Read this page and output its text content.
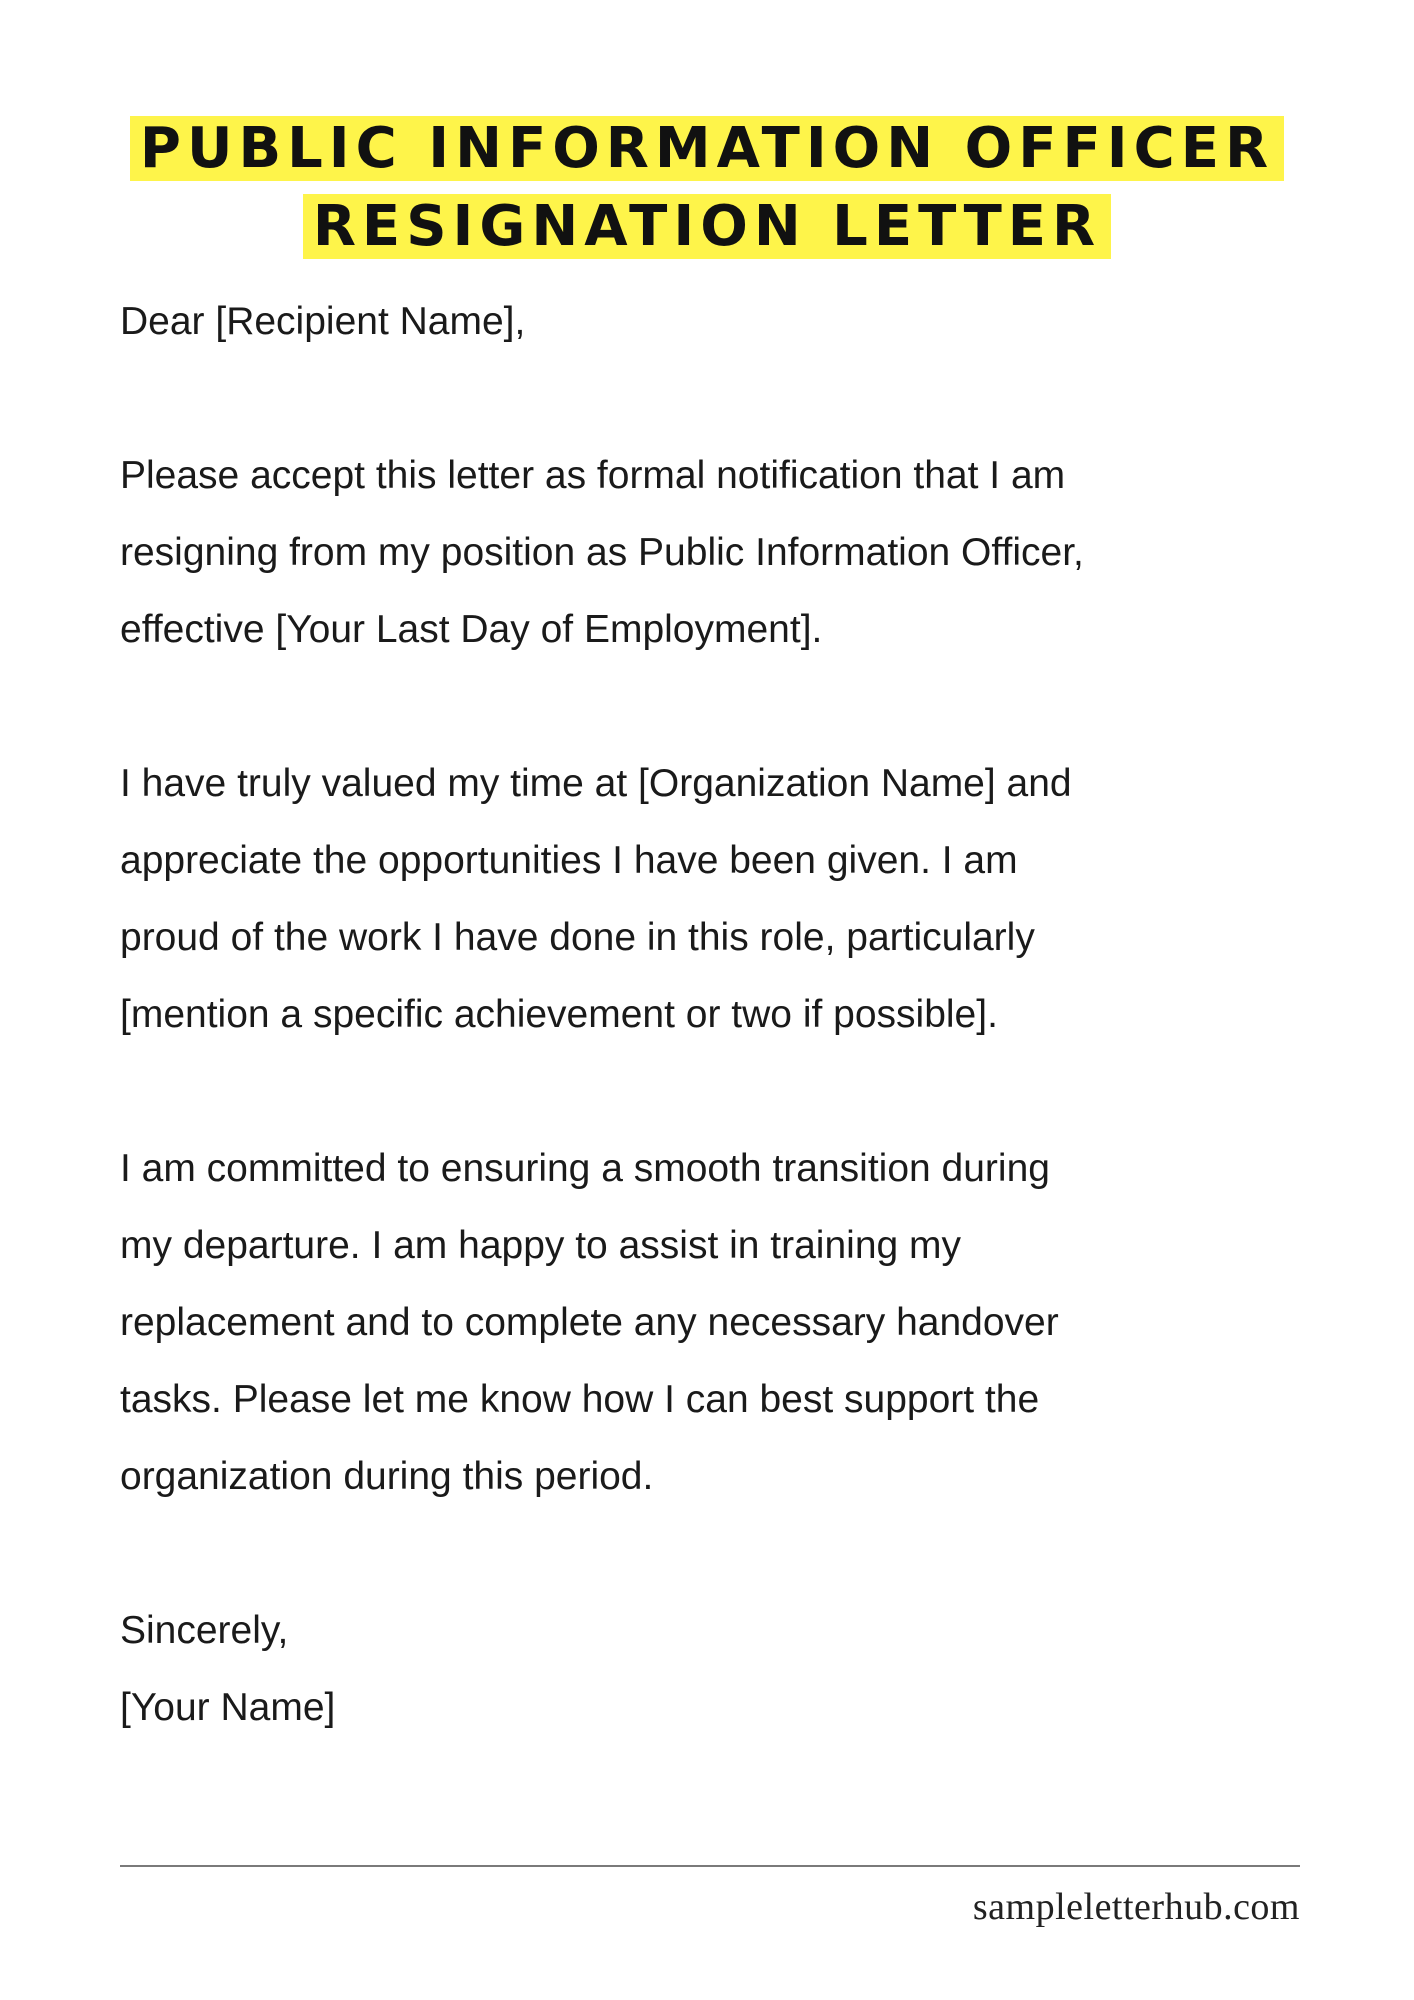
PUBLIC INFORMATION OFFICER
RESIGNATION LETTER

Dear [Recipient Name],

Please accept this letter as formal notification that I am
resigning from my position as Public Information Officer,
effective [Your Last Day of Employment].

I have truly valued my time at [Organization Name] and
appreciate the opportunities I have been given. I am
proud of the work I have done in this role, particularly
[mention a specific achievement or two if possible].

I am committed to ensuring a smooth transition during
my departure. I am happy to assist in training my
replacement and to complete any necessary handover
tasks. Please let me know how I can best support the
organization during this period.

Sincerely,
[Your Name]

sampleletterhub.com
